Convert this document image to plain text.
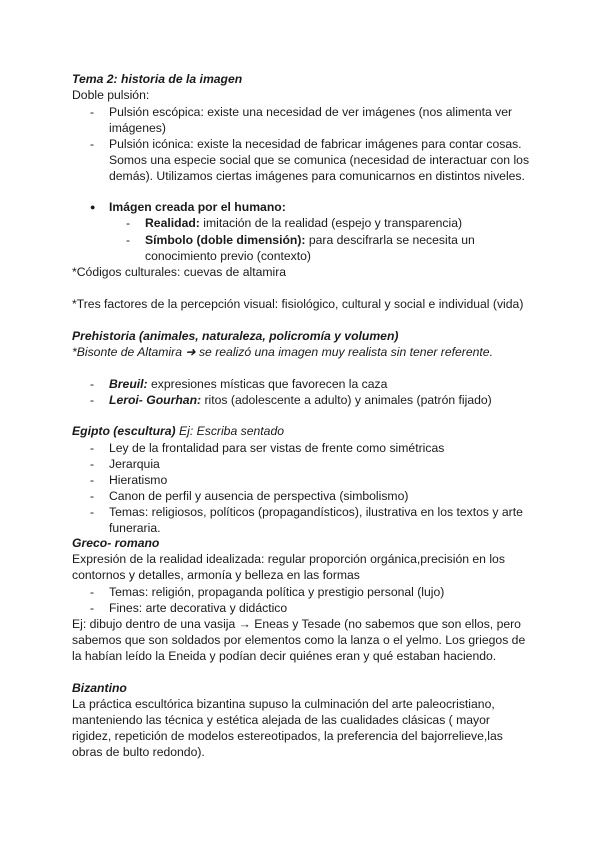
Tema 2: historia de la imagen
Doble pulsión:
- Pulsión escópica: existe una necesidad de ver imágenes (nos alimenta ver
imágenes)
- Pulsión icónica: existe la necesidad de fabricar imágenes para contar cosas.
Somos una especie social que se comunica (necesidad de interactuar con los
demás). Utilizamos ciertas imágenes para comunicarnos en distintos niveles.
● Imágen creada por el humano:
- Realidad: imitación de la realidad (espejo y transparencia)
- Símbolo (doble dimensión): para descifrarla se necesita un
conocimiento previo (contexto)
*Códigos culturales: cuevas de altamira
*Tres factores de la percepción visual: fisiológico, cultural y social e individual (vida)
Prehistoria (animales, naturaleza, policromía y volumen)
*Bisonte de Altamira ➜ se realizó una imagen muy realista sin tener referente.
- Breuil: expresiones místicas que favorecen la caza
- Leroi- Gourhan: ritos (adolescente a adulto) y animales (patrón fijado)
Egipto (escultura) Ej: Escriba sentado
- Ley de la frontalidad para ser vistas de frente como simétricas
- Jerarquia
- Hieratismo
- Canon de perfil y ausencia de perspectiva (simbolismo)
- Temas: religiosos, políticos (propagandísticos), ilustrativa en los textos y arte
funeraria.
Greco- romano
Expresión de la realidad idealizada: regular proporción orgánica,precisión en los
contornos y detalles, armonía y belleza en las formas
- Temas: religión, propaganda política y prestigio personal (lujo)
- Fines: arte decorativa y didáctico
Ej: dibujo dentro de una vasija → Eneas y Tesade (no sabemos que son ellos, pero
sabemos que son soldados por elementos como la lanza o el yelmo. Los griegos de
la habían leído la Eneida y podían decir quiénes eran y qué estaban haciendo.
Bizantino
La práctica escultórica bizantina supuso la culminación del arte paleocristiano,
manteniendo las técnica y estética alejada de las cualidades clásicas ( mayor
rigidez, repetición de modelos estereotipados, la preferencia del bajorrelieve,las
obras de bulto redondo).
